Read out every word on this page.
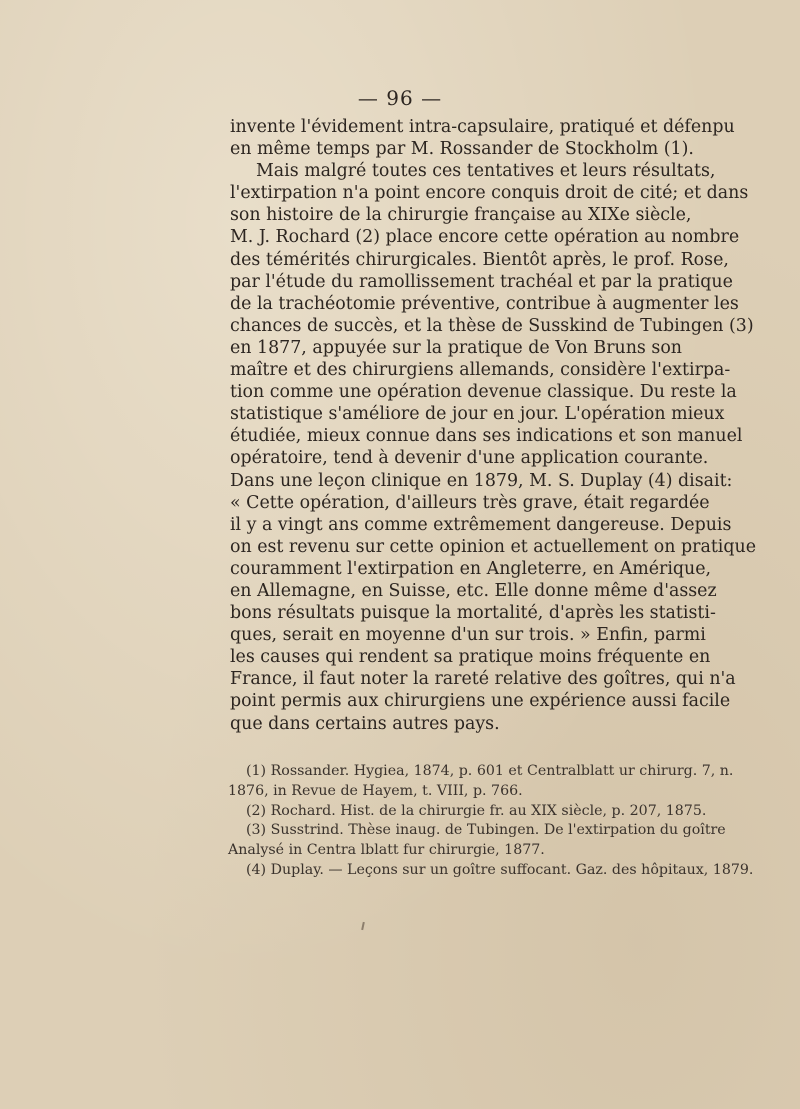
— 96 —
invente l'évidement intra-capsulaire, pratiqué et défenpu
en même temps par M. Rossander de Stockholm (1).
Mais malgré toutes ces tentatives et leurs résultats,
l'extirpation n'a point encore conquis droit de cité; et dans
son histoire de la chirurgie française au XIXe siècle,
M. J. Rochard (2) place encore cette opération au nombre
des témérités chirurgicales. Bientôt après, le prof. Rose,
par l'étude du ramollissement trachéal et par la pratique
de la trachéotomie préventive, contribue à augmenter les
chances de succès, et la thèse de Susskind de Tubingen (3)
en 1877, appuyée sur la pratique de Von Bruns son
maître et des chirurgiens allemands, considère l'extirpa-
tion comme une opération devenue classique. Du reste la
statistique s'améliore de jour en jour. L'opération mieux
étudiée, mieux connue dans ses indications et son manuel
opératoire, tend à devenir d'une application courante.
Dans une leçon clinique en 1879, M. S. Duplay (4) disait:
« Cette opération, d'ailleurs très grave, était regardée
il y a vingt ans comme extrêmement dangereuse. Depuis
on est revenu sur cette opinion et actuellement on pratique
couramment l'extirpation en Angleterre, en Amérique,
en Allemagne, en Suisse, etc. Elle donne même d'assez
bons résultats puisque la mortalité, d'après les statisti-
ques, serait en moyenne d'un sur trois. » Enfin, parmi
les causes qui rendent sa pratique moins fréquente en
France, il faut noter la rareté relative des goîtres, qui n'a
point permis aux chirurgiens une expérience aussi facile
que dans certains autres pays.
(1) Rossander. Hygiea, 1874, p. 601 et Centralblatt ur chirurg. 7, n.
1876, in Revue de Hayem, t. VIII, p. 766.
(2) Rochard. Hist. de la chirurgie fr. au XIX siècle, p. 207, 1875.
(3) Susstrind. Thèse inaug. de Tubingen. De l'extirpation du goître
Analysé in Centra lblatt fur chirurgie, 1877.
(4) Duplay. — Leçons sur un goître suffocant. Gaz. des hôpitaux, 1879.
